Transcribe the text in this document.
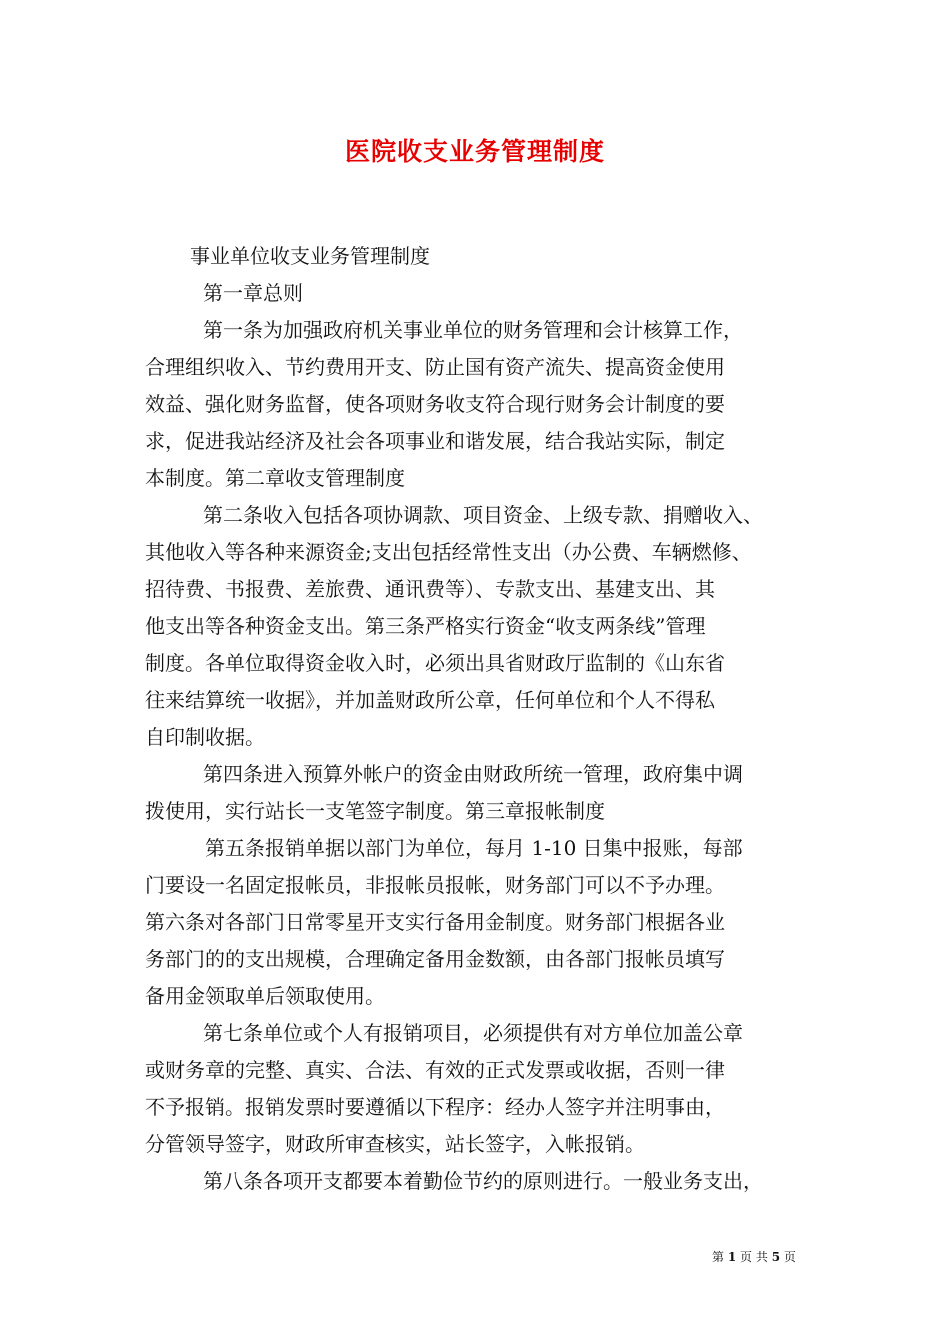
医院收支业务管理制度
事业单位收支业务管理制度
第一章总则
第一条为加强政府机关事业单位的财务管理和会计核算工作，
合理组织收入、节约费用开支、防止国有资产流失、提高资金使用
效益、强化财务监督，使各项财务收支符合现行财务会计制度的要
求，促进我站经济及社会各项事业和谐发展，结合我站实际，制定
本制度。第二章收支管理制度
第二条收入包括各项协调款、项目资金、上级专款、捐赠收入、
其他收入等各种来源资金;支出包括经常性支出（办公费、车辆燃修、
招待费、书报费、差旅费、通讯费等）、专款支出、基建支出、其
他支出等各种资金支出。第三条严格实行资金“收支两条线”管理
制度。各单位取得资金收入时，必须出具省财政厅监制的《山东省
往来结算统一收据》，并加盖财政所公章，任何单位和个人不得私
自印制收据。
第四条进入预算外帐户的资金由财政所统一管理，政府集中调
拨使用，实行站长一支笔签字制度。第三章报帐制度
第五条报销单据以部门为单位，每月 1-10 日集中报账，每部
门要设一名固定报帐员，非报帐员报帐，财务部门可以不予办理。
第六条对各部门日常零星开支实行备用金制度。财务部门根据各业
务部门的的支出规模，合理确定备用金数额，由各部门报帐员填写
备用金领取单后领取使用。
第七条单位或个人有报销项目，必须提供有对方单位加盖公章
或财务章的完整、真实、合法、有效的正式发票或收据，否则一律
不予报销。报销发票时要遵循以下程序：经办人签字并注明事由，
分管领导签字，财政所审查核实，站长签字，入帐报销。
第八条各项开支都要本着勤俭节约的原则进行。一般业务支出，
第 1 页 共 5 页
